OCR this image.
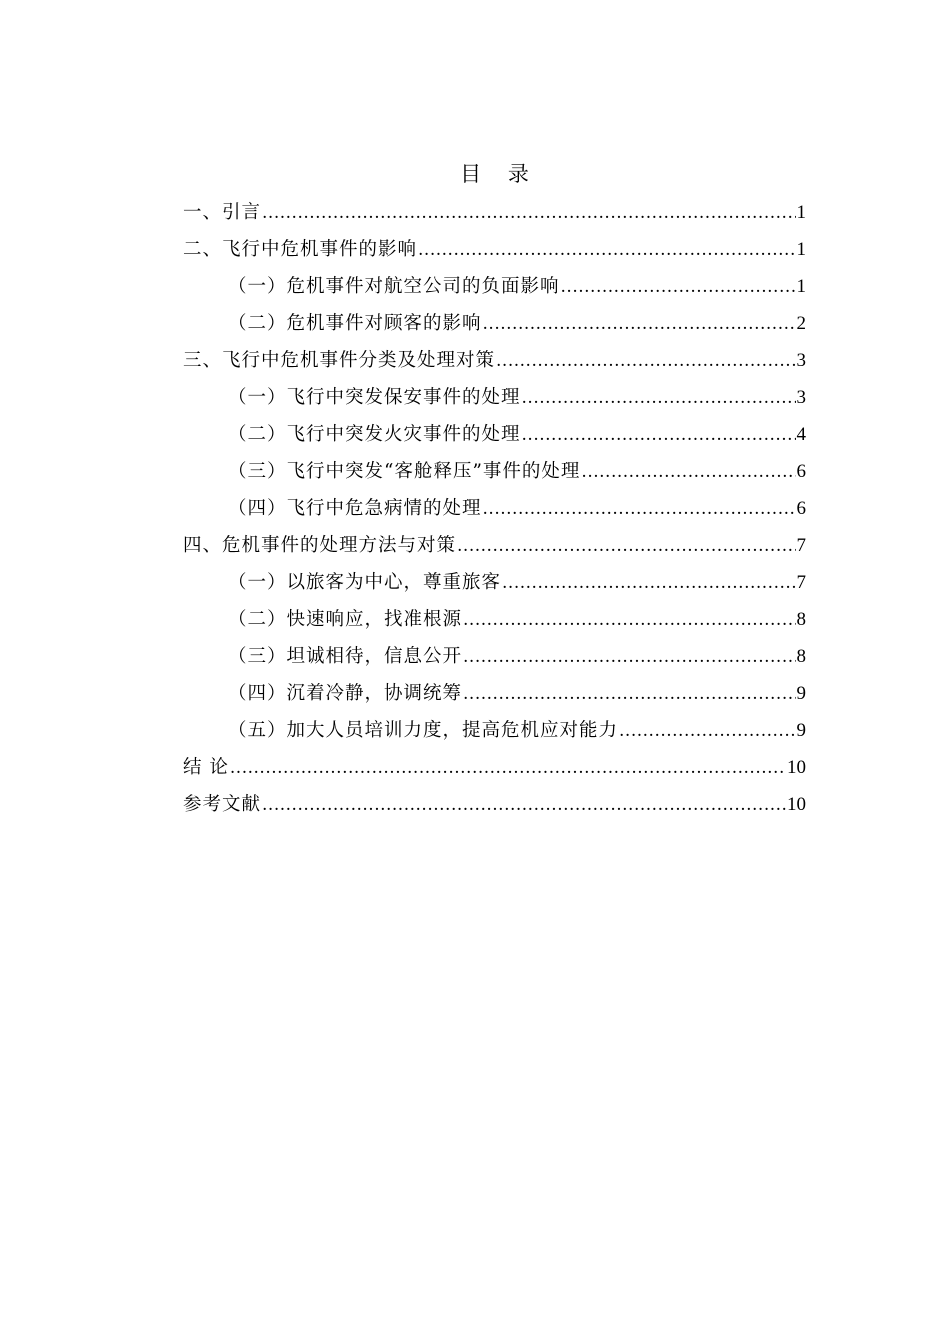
目 录
一、引言 .....	1
二、飞行中危机事件的影响 .....	1
（一）危机事件对航空公司的负面影响 .....	1
（二）危机事件对顾客的影响 .....	2
三、飞行中危机事件分类及处理对策 .....	3
（一）飞行中突发保安事件的处理 .....	3
（二）飞行中突发火灾事件的处理 .....	4
（三）飞行中突发“客舱释压”事件的处理 .....	6
（四）飞行中危急病情的处理 .....	6
四、危机事件的处理方法与对策 .....	7
（一）以旅客为中心，尊重旅客 .....	7
（二）快速响应，找准根源 .....	8
（三）坦诚相待，信息公开 .....	8
（四）沉着冷静，协调统筹 .....	9
（五）加大人员培训力度，提高危机应对能力 .....	9
结 论 .....	10
参考文献 .....	10
